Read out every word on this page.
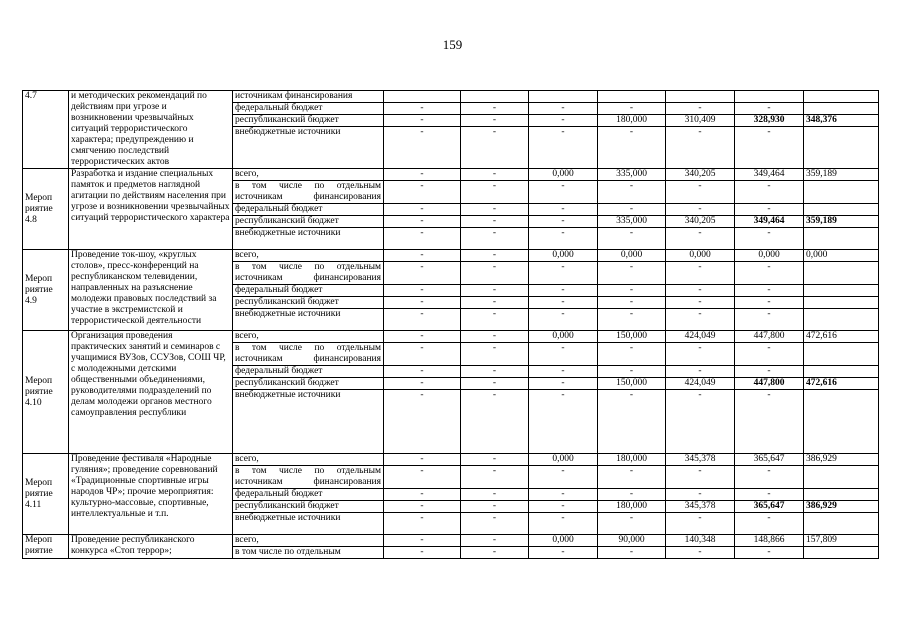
159
4.7	и методических рекомендаций по действиям при угрозе и возникновении чрезвычайных ситуаций террористического характера; предупреждению и смягчению последствий террористических актов	источникам финансирования							
		федеральный бюджет	-	-	-	-	-	-	
		республиканский бюджет	-	-	-	180,000	310,409	328,930	348,376
		внебюджетные источники	-	-	-	-	-	-	
Мероп риятие 4.8	Разработка и издание специальных памяток и предметов наглядной агитации по действиям населения при угрозе и возникновении чрезвычайных ситуаций террористического характера	всего,	-	-	0,000	335,000	340,205	349,464	359,189
		в том числе по отдельным источникам финансирования	-	-	-	-	-	-	
		федеральный бюджет	-	-	-	-	-	-	
		республиканский бюджет	-	-	-	335,000	340,205	349,464	359,189
		внебюджетные источники	-	-	-	-	-	-	
Мероп риятие 4.9	Проведение ток-шоу, «круглых столов», пресс-конференций на республиканском телевидении, направленных на разъяснение молодежи правовых последствий за участие в экстремистской и террористической деятельности	всего,	-	-	0,000	0,000	0,000	0,000	0,000
		в том числе по отдельным источникам финансирования	-	-	-	-	-	-	
		федеральный бюджет	-	-	-	-	-	-	
		республиканский бюджет	-	-	-	-	-	-	
		внебюджетные источники	-	-	-	-	-	-	
Мероп риятие 4.10	Организация проведения практических занятий и семинаров с учащимися ВУЗов, ССУЗов, СОШ ЧР, с молодежными детскими общественными объединениями, руководителями подразделений по делам молодежи органов местного самоуправления республики	всего,	-	-	0,000	150,000	424,049	447,800	472,616
		в том числе по отдельным источникам финансирования	-	-	-	-	-	-	
		федеральный бюджет	-	-	-	-	-	-	
		республиканский бюджет	-	-	-	150,000	424,049	447,800	472,616
		внебюджетные источники	-	-	-	-	-	-	
Мероп риятие 4.11	Проведение фестиваля «Народные гуляния»; проведение соревнований «Традиционные спортивные игры народов ЧР»; прочие мероприятия: культурно-массовые, спортивные, интеллектуальные и т.п.	всего,	-	-	0,000	180,000	345,378	365,647	386,929
		в том числе по отдельным источникам финансирования	-	-	-	-	-	-	
		федеральный бюджет	-	-	-	-	-	-	
		республиканский бюджет	-	-	-	180,000	345,378	365,647	386,929
		внебюджетные источники	-	-	-	-	-	-	
Мероп риятие	Проведение республиканского конкурса «Стоп террор»;	всего,	-	-	0,000	90,000	140,348	148,866	157,809
		в том числе по отдельным	-	-	-	-	-	-	
